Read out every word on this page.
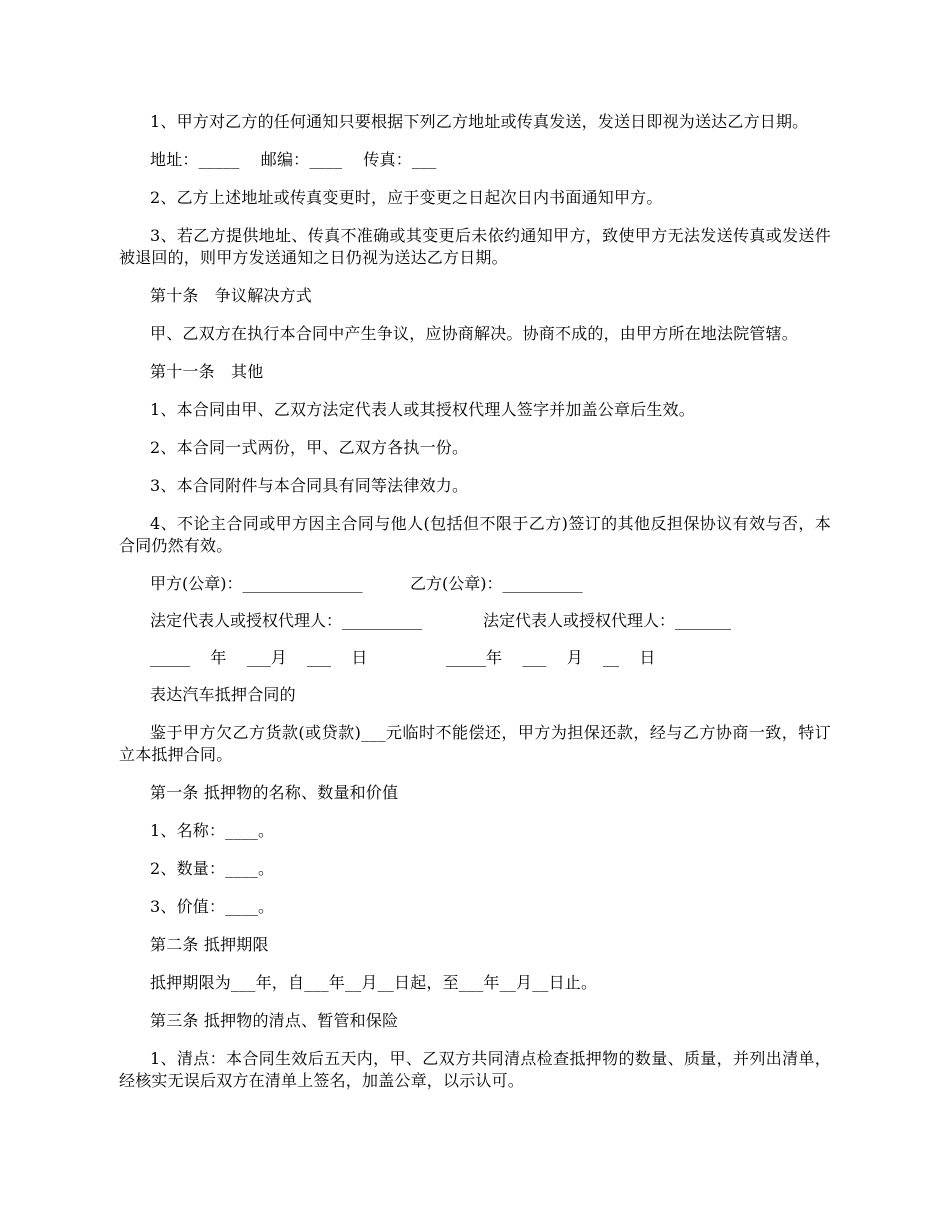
1、甲方对乙方的任何通知只要根据下列乙方地址或传真发送，发送日即视为送达乙方日期。

地址：_____    邮编：____    传真：___

2、乙方上述地址或传真变更时，应于变更之日起次日内书面通知甲方。

3、若乙方提供地址、传真不准确或其变更后未依约通知甲方，致使甲方无法发送传真或发送件被退回的，则甲方发送通知之日仍视为送达乙方日期。

第十条　争议解决方式

甲、乙双方在执行本合同中产生争议，应协商解决。协商不成的，由甲方所在地法院管辖。

第十一条　其他

1、本合同由甲、乙双方法定代表人或其授权代理人签字并加盖公章后生效。

2、本合同一式两份，甲、乙双方各执一份。

3、本合同附件与本合同具有同等法律效力。

4、不论主合同或甲方因主合同与他人(包括但不限于乙方)签订的其他反担保协议有效与否，本合同仍然有效。

甲方(公章)：_______________	乙方(公章)：__________
法定代表人或授权代理人：__________	法定代表人或授权代理人：_______
_____    年    ___月    ___    日	_____年    ___    月    __    日

表达汽车抵押合同的

鉴于甲方欠乙方货款(或贷款)___元临时不能偿还，甲方为担保还款，经与乙方协商一致，特订立本抵押合同。

第一条 抵押物的名称、数量和价值

1、名称：____。

2、数量：____。

3、价值：____。

第二条 抵押期限

抵押期限为___年，自___年__月__日起，至___年__月__日止。

第三条 抵押物的清点、暂管和保险

1、清点：本合同生效后五天内，甲、乙双方共同清点检查抵押物的数量、质量，并列出清单，经核实无误后双方在清单上签名，加盖公章，以示认可。
